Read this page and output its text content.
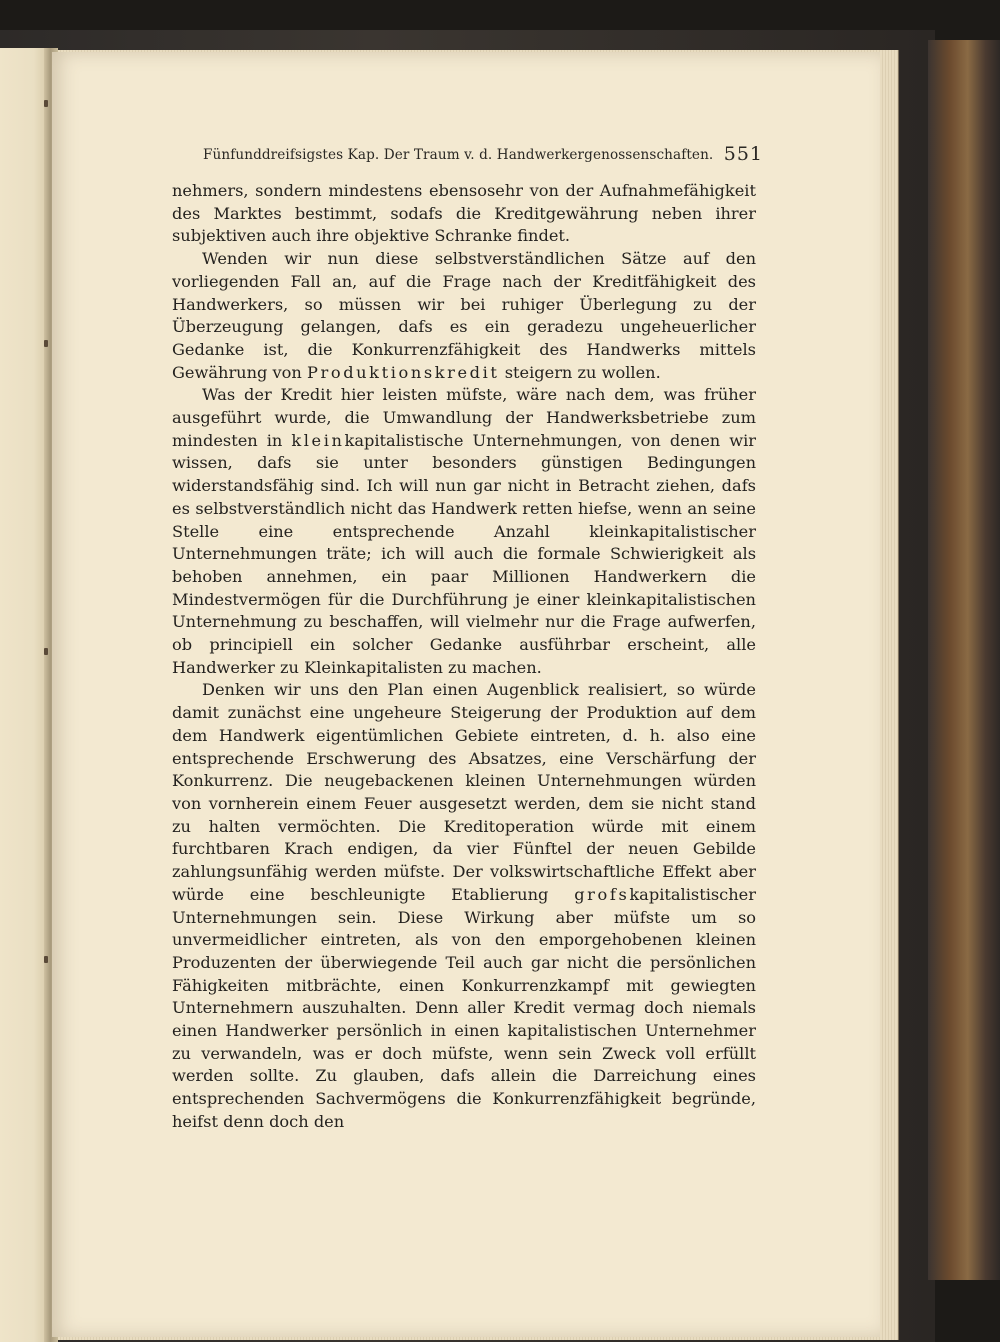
Fünfunddreifsigstes Kap. Der Traum v. d. Handwerkergenossenschaften. 551

nehmers, sondern mindestens ebensosehr von der Aufnahmefähigkeit des Marktes bestimmt, sodafs die Kreditgewährung neben ihrer subjektiven auch ihre objektive Schranke findet.

Wenden wir nun diese selbstverständlichen Sätze auf den vorliegenden Fall an, auf die Frage nach der Kreditfähigkeit des Handwerkers, so müssen wir bei ruhiger Überlegung zu der Überzeugung gelangen, dafs es ein geradezu ungeheuerlicher Gedanke ist, die Konkurrenzfähigkeit des Handwerks mittels Gewährung von Produktionskredit steigern zu wollen.

Was der Kredit hier leisten müfste, wäre nach dem, was früher ausgeführt wurde, die Umwandlung der Handwerksbetriebe zum mindesten in kleinkapitalistische Unternehmungen, von denen wir wissen, dafs sie unter besonders günstigen Bedingungen widerstandsfähig sind. Ich will nun gar nicht in Betracht ziehen, dafs es selbstverständlich nicht das Handwerk retten hiefse, wenn an seine Stelle eine entsprechende Anzahl kleinkapitalistischer Unternehmungen träte; ich will auch die formale Schwierigkeit als behoben annehmen, ein paar Millionen Handwerkern die Mindestvermögen für die Durchführung je einer kleinkapitalistischen Unternehmung zu beschaffen, will vielmehr nur die Frage aufwerfen, ob principiell ein solcher Gedanke ausführbar erscheint, alle Handwerker zu Kleinkapitalisten zu machen.

Denken wir uns den Plan einen Augenblick realisiert, so würde damit zunächst eine ungeheure Steigerung der Produktion auf dem dem Handwerk eigentümlichen Gebiete eintreten, d. h. also eine entsprechende Erschwerung des Absatzes, eine Verschärfung der Konkurrenz. Die neugebackenen kleinen Unternehmungen würden von vornherein einem Feuer ausgesetzt werden, dem sie nicht stand zu halten vermöchten. Die Kreditoperation würde mit einem furchtbaren Krach endigen, da vier Fünftel der neuen Gebilde zahlungsunfähig werden müfste. Der volkswirtschaftliche Effekt aber würde eine beschleunigte Etablierung grofskapitalistischer Unternehmungen sein. Diese Wirkung aber müfste um so unvermeidlicher eintreten, als von den emporgehobenen kleinen Produzenten der überwiegende Teil auch gar nicht die persönlichen Fähigkeiten mitbrächte, einen Konkurrenzkampf mit gewiegten Unternehmern auszuhalten. Denn aller Kredit vermag doch niemals einen Handwerker persönlich in einen kapitalistischen Unternehmer zu verwandeln, was er doch müfste, wenn sein Zweck voll erfüllt werden sollte. Zu glauben, dafs allein die Darreichung eines entsprechenden Sachvermögens die Konkurrenzfähigkeit begründe, heifst denn doch den
